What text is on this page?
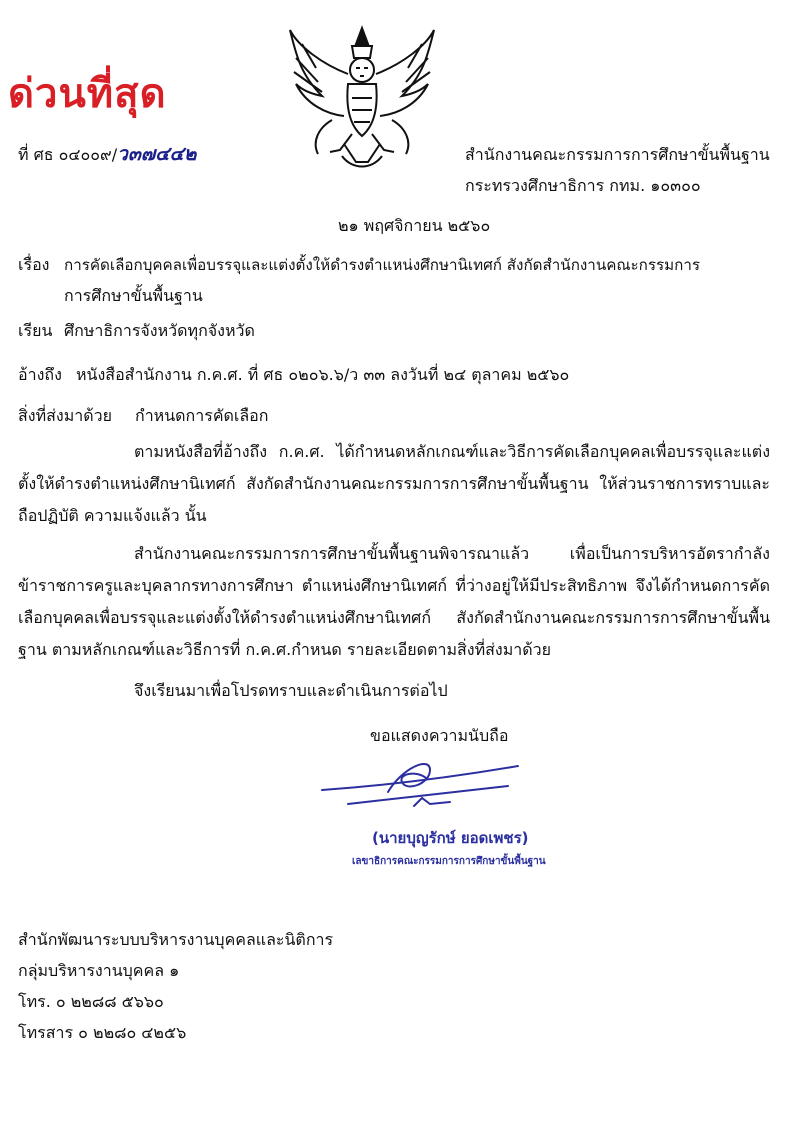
ด่วนที่สุด
ที่ ศธ ๐๔๐๐๙/ว๓๗๔๔๒	สำนักงานคณะกรรมการการศึกษาขั้นพื้นฐาน
กระทรวงศึกษาธิการ กทม. ๑๐๓๐๐
๒๑ พฤศจิกายน ๒๕๖๐
เรื่อง การคัดเลือกบุคคลเพื่อบรรจุและแต่งตั้งให้ดำรงตำแหน่งศึกษานิเทศก์ สังกัดสำนักงานคณะกรรมการ
การศึกษาขั้นพื้นฐาน
เรียน ศึกษาธิการจังหวัดทุกจังหวัด
อ้างถึง หนังสือสำนักงาน ก.ค.ศ. ที่ ศธ ๐๒๐๖.๖/ว ๓๓ ลงวันที่ ๒๔ ตุลาคม ๒๕๖๐
สิ่งที่ส่งมาด้วย กำหนดการคัดเลือก
ตามหนังสือที่อ้างถึง ก.ค.ศ. ได้กำหนดหลักเกณฑ์และวิธีการคัดเลือกบุคคลเพื่อบรรจุและแต่งตั้งให้ดำรงตำแหน่งศึกษานิเทศก์ สังกัดสำนักงานคณะกรรมการการศึกษาขั้นพื้นฐาน ให้ส่วนราชการทราบและถือปฏิบัติ ความแจ้งแล้ว นั้น
สำนักงานคณะกรรมการการศึกษาขั้นพื้นฐานพิจารณาแล้ว เพื่อเป็นการบริหารอัตรากำลังข้าราชการครูและบุคลากรทางการศึกษา ตำแหน่งศึกษานิเทศก์ ที่ว่างอยู่ให้มีประสิทธิภาพ จึงได้กำหนดการคัดเลือกบุคคลเพื่อบรรจุและแต่งตั้งให้ดำรงตำแหน่งศึกษานิเทศก์ สังกัดสำนักงานคณะกรรมการการศึกษาขั้นพื้นฐาน ตามหลักเกณฑ์และวิธีการที่ ก.ค.ศ.กำหนด รายละเอียดตามสิ่งที่ส่งมาด้วย
จึงเรียนมาเพื่อโปรดทราบและดำเนินการต่อไป
ขอแสดงความนับถือ
(นายบุญรักษ์ ยอดเพชร)
เลขาธิการคณะกรรมการการศึกษาขั้นพื้นฐาน
สำนักพัฒนาระบบบริหารงานบุคคลและนิติการ
กลุ่มบริหารงานบุคคล ๑
โทร. ๐ ๒๒๘๘ ๕๖๖๐
โทรสาร ๐ ๒๒๘๐ ๔๒๕๖
